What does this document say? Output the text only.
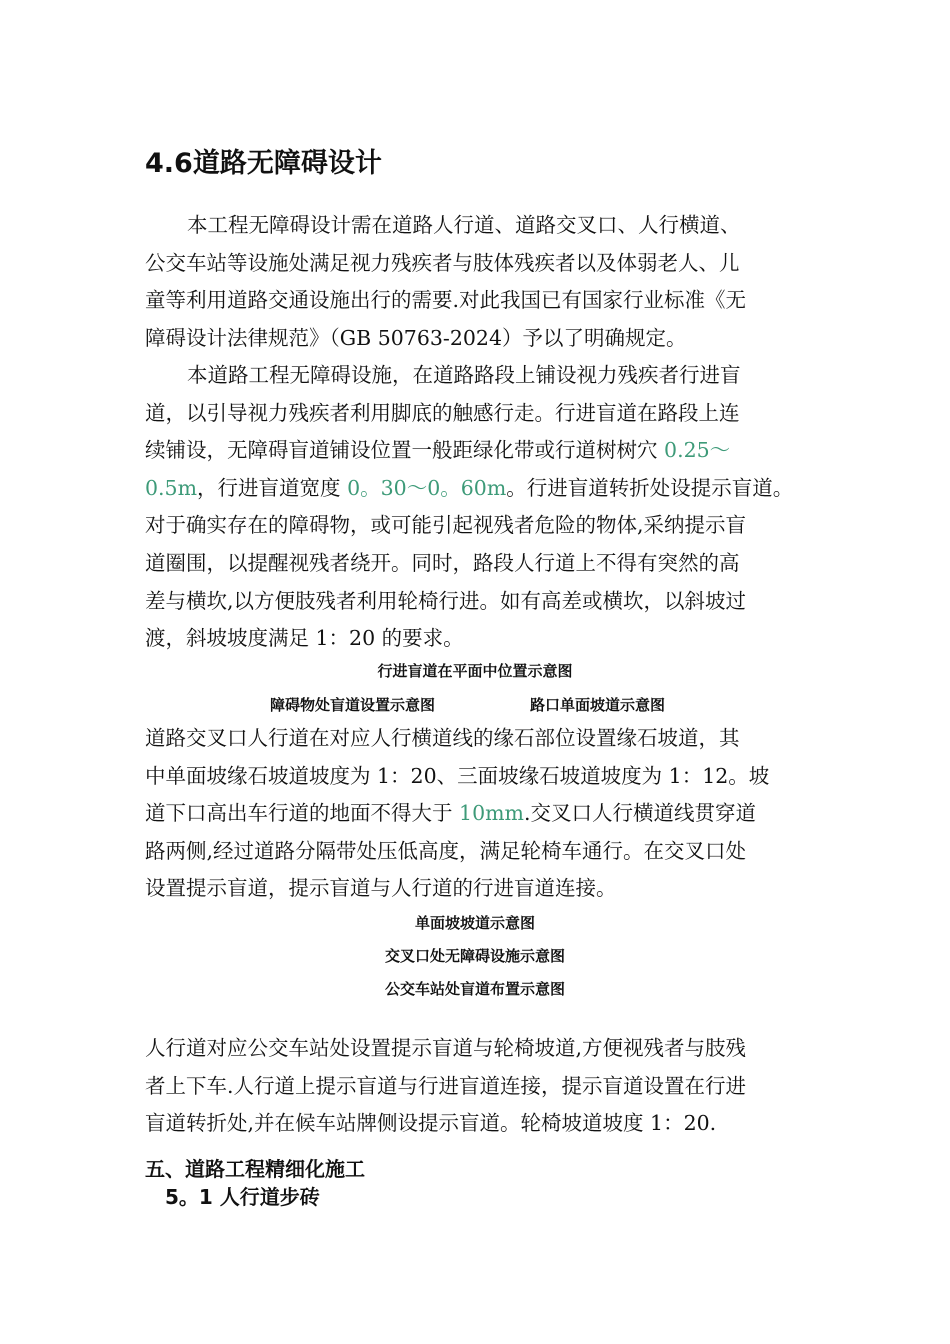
4.6道路无障碍设计

本工程无障碍设计需在道路人行道、道路交叉口、人行横道、
公交车站等设施处满足视力残疾者与肢体残疾者以及体弱老人、儿
童等利用道路交通设施出行的需要.对此我国已有国家行业标准《无
障碍设计法律规范》（GB 50763-2024）予以了明确规定。

本道路工程无障碍设施，在道路路段上铺设视力残疾者行进盲
道，以引导视力残疾者利用脚底的触感行走。行进盲道在路段上连
续铺设，无障碍盲道铺设位置一般距绿化带或行道树树穴 0.25～
0.5m，行进盲道宽度 0。30～0。60m。行进盲道转折处设提示盲道。
对于确实存在的障碍物，或可能引起视残者危险的物体,采纳提示盲
道圈围，以提醒视残者绕开。同时，路段人行道上不得有突然的高
差与横坎,以方便肢残者利用轮椅行进。如有高差或横坎，以斜坡过
渡，斜坡坡度满足 1：20 的要求。

行进盲道在平面中位置示意图
障碍物处盲道设置示意图	路口单面坡道示意图

道路交叉口人行道在对应人行横道线的缘石部位设置缘石坡道，其
中单面坡缘石坡道坡度为 1：20、三面坡缘石坡道坡度为 1：12。坡
道下口高出车行道的地面不得大于 10mm.交叉口人行横道线贯穿道
路两侧,经过道路分隔带处压低高度，满足轮椅车通行。在交叉口处
设置提示盲道，提示盲道与人行道的行进盲道连接。

单面坡坡道示意图
交叉口处无障碍设施示意图
公交车站处盲道布置示意图

人行道对应公交车站处设置提示盲道与轮椅坡道,方便视残者与肢残
者上下车.人行道上提示盲道与行进盲道连接，提示盲道设置在行进
盲道转折处,并在候车站牌侧设提示盲道。轮椅坡道坡度 1：20.

五、道路工程精细化施工
5。1 人行道步砖
